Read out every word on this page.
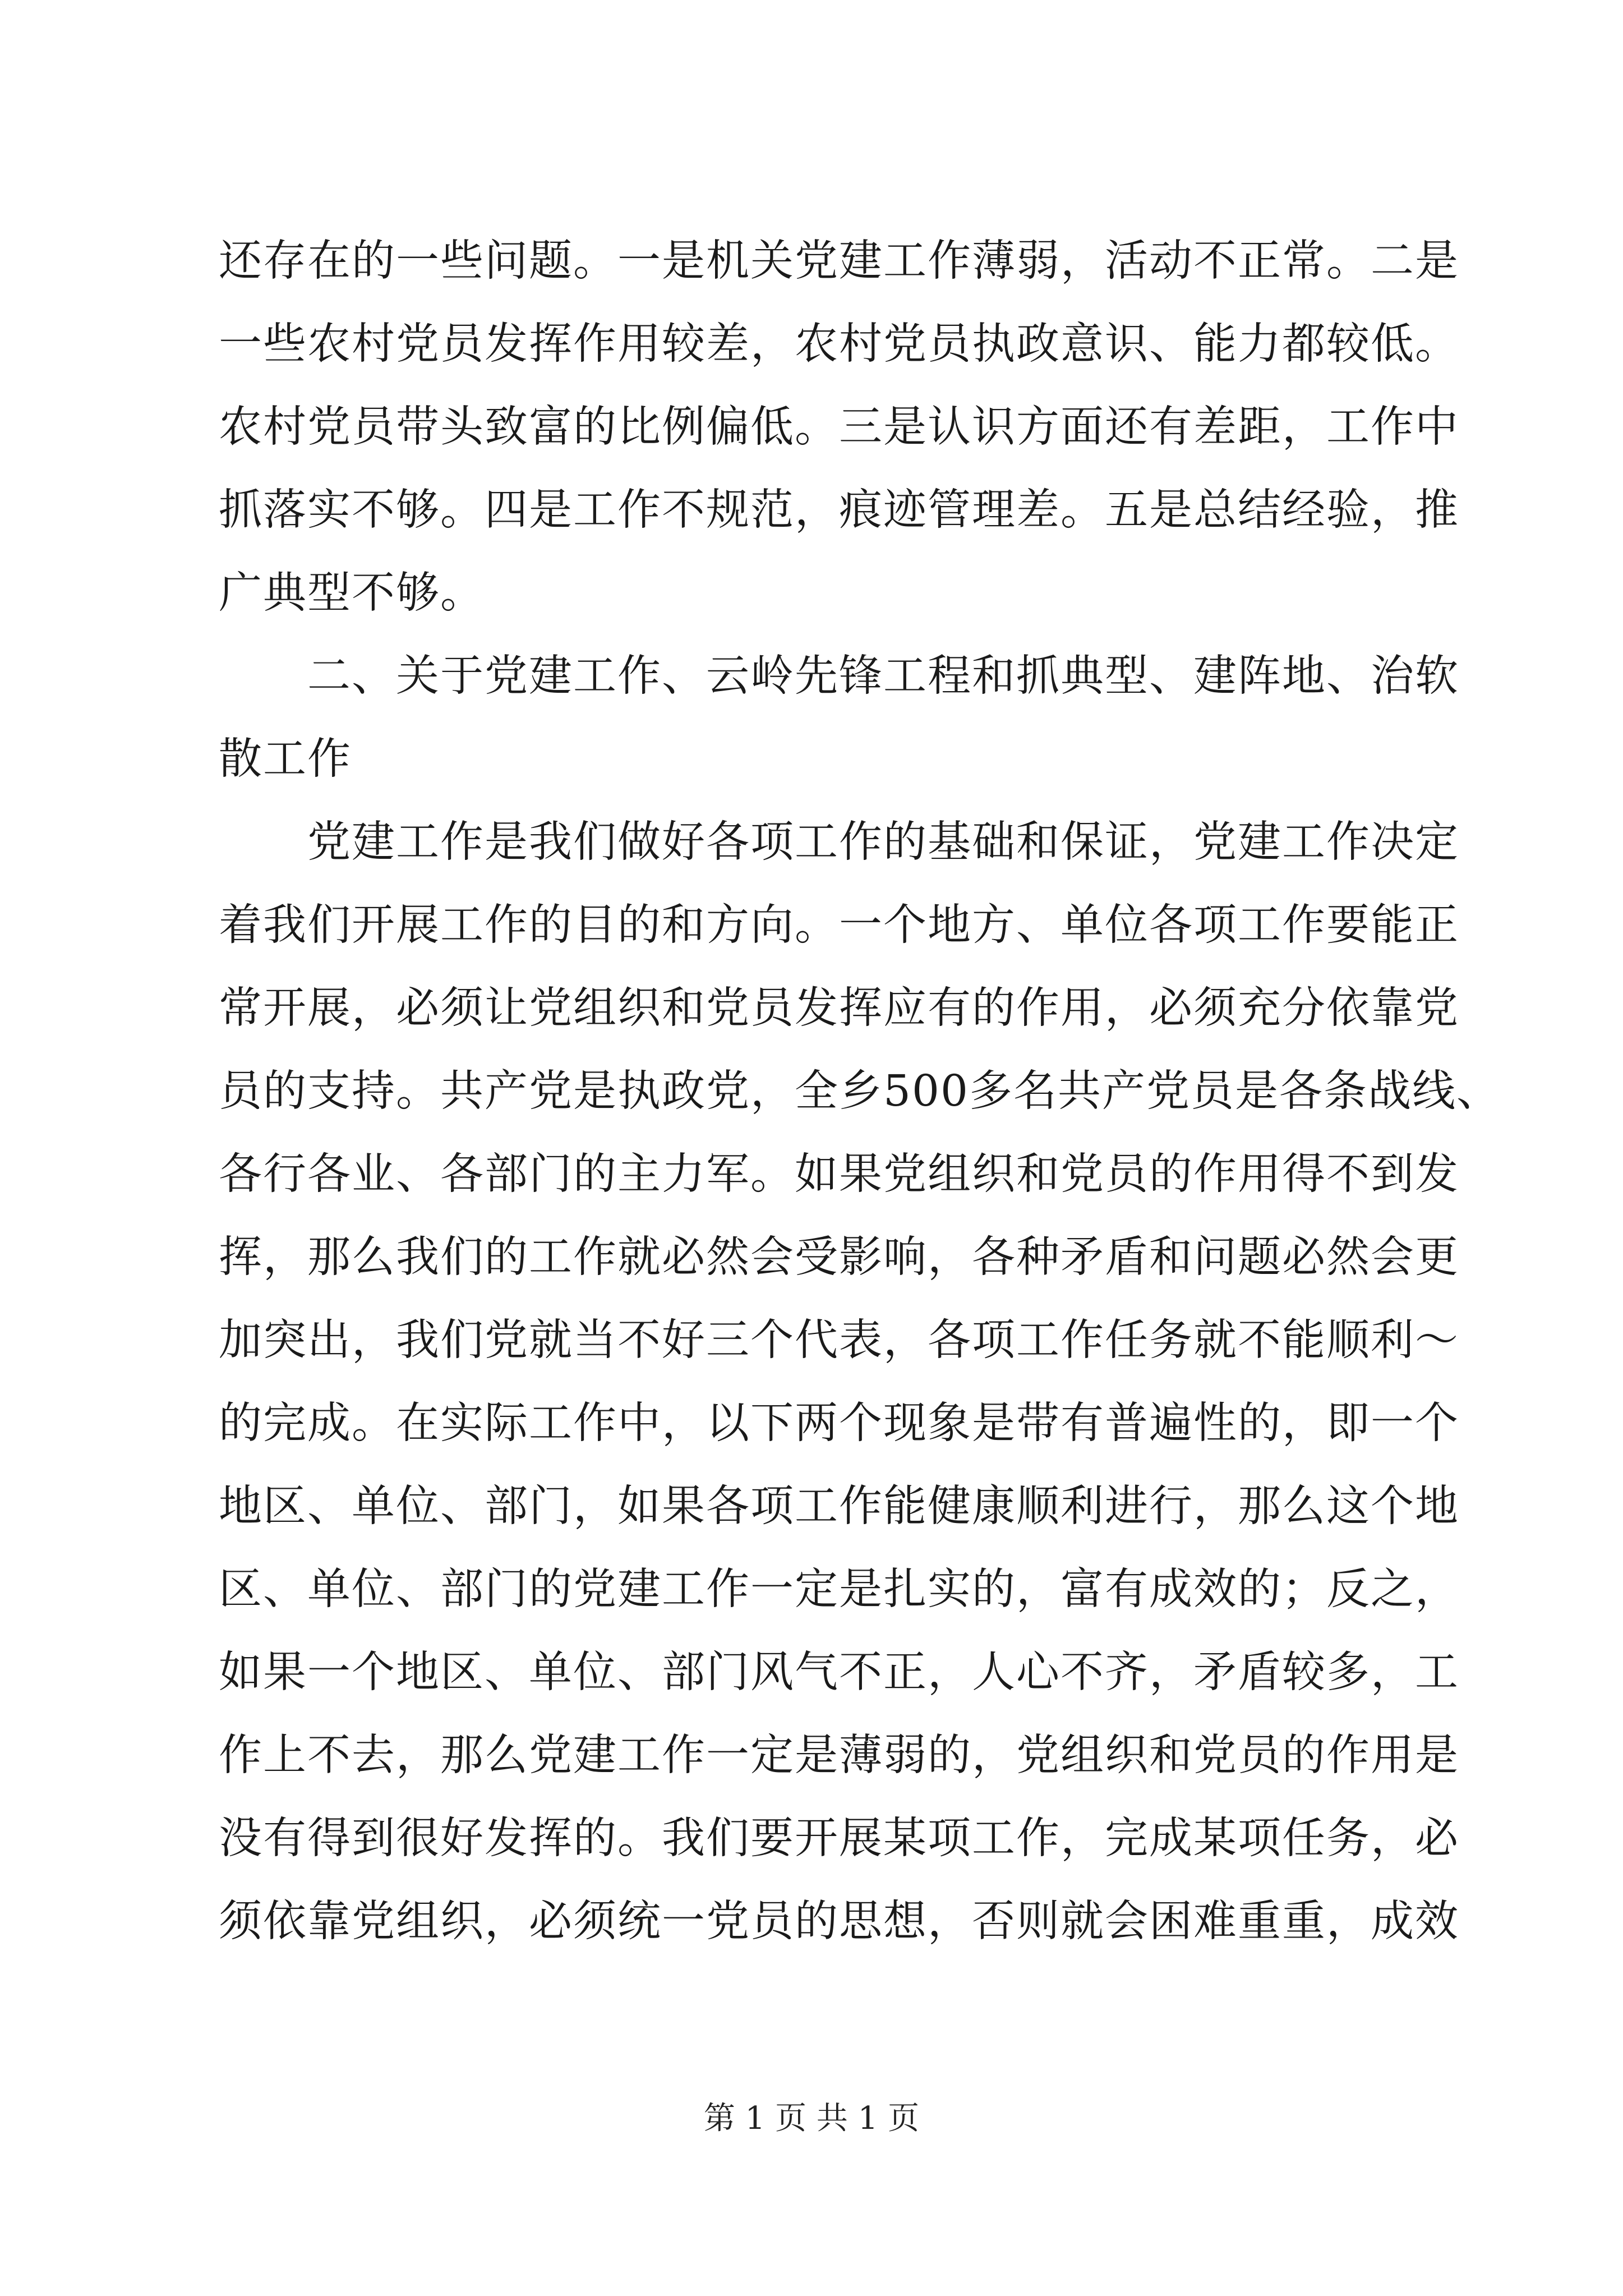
还存在的一些问题。一是机关党建工作薄弱，活动不正常。二是
一些农村党员发挥作用较差，农村党员执政意识、能力都较低。
农村党员带头致富的比例偏低。三是认识方面还有差距，工作中
抓落实不够。四是工作不规范，痕迹管理差。五是总结经验，推
广典型不够。
　　二、关于党建工作、云岭先锋工程和抓典型、建阵地、治软
散工作
　　党建工作是我们做好各项工作的基础和保证，党建工作决定
着我们开展工作的目的和方向。一个地方、单位各项工作要能正
常开展，必须让党组织和党员发挥应有的作用，必须充分依靠党
员的支持。共产党是执政党，全乡500多名共产党员是各条战线、
各行各业、各部门的主力军。如果党组织和党员的作用得不到发
挥，那么我们的工作就必然会受影响，各种矛盾和问题必然会更
加突出，我们党就当不好三个代表，各项工作任务就不能顺利～
的完成。在实际工作中，以下两个现象是带有普遍性的，即一个
地区、单位、部门，如果各项工作能健康顺利进行，那么这个地
区、单位、部门的党建工作一定是扎实的，富有成效的；反之，
如果一个地区、单位、部门风气不正，人心不齐，矛盾较多，工
作上不去，那么党建工作一定是薄弱的，党组织和党员的作用是
没有得到很好发挥的。我们要开展某项工作，完成某项任务，必
须依靠党组织，必须统一党员的思想，否则就会困难重重，成效
第 1 页 共 1 页
